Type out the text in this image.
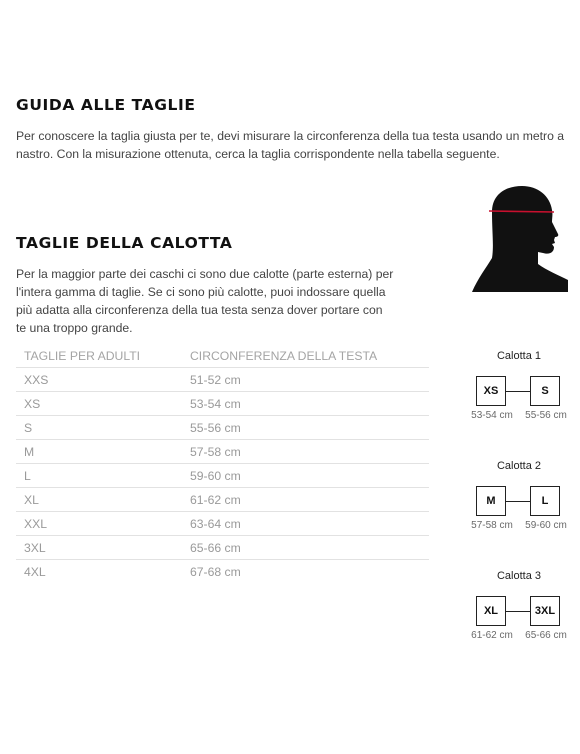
GUIDA ALLE TAGLIE

Per conoscere la taglia giusta per te, devi misurare la circonferenza della tua testa usando un metro a nastro. Con la misurazione ottenuta, cerca la taglia corrispondente nella tabella seguente.

TAGLIE DELLA CALOTTA

Per la maggior parte dei caschi ci sono due calotte (parte esterna) per l'intera gamma di taglie. Se ci sono più calotte, puoi indossare quella più adatta alla circonferenza della tua testa senza dover portare con te una troppo grande.

TAGLIE PER ADULTI	CIRCONFERENZA DELLA TESTA
XXS	51-52 cm
XS	53-54 cm
S	55-56 cm
M	57-58 cm
L	59-60 cm
XL	61-62 cm
XXL	63-64 cm
3XL	65-66 cm
4XL	67-68 cm
Calotta 1
XS	S
53-54 cm	55-56 cm
Calotta 2
M	L
57-58 cm	59-60 cm
Calotta 3
XL	3XL
61-62 cm	65-66 cm
